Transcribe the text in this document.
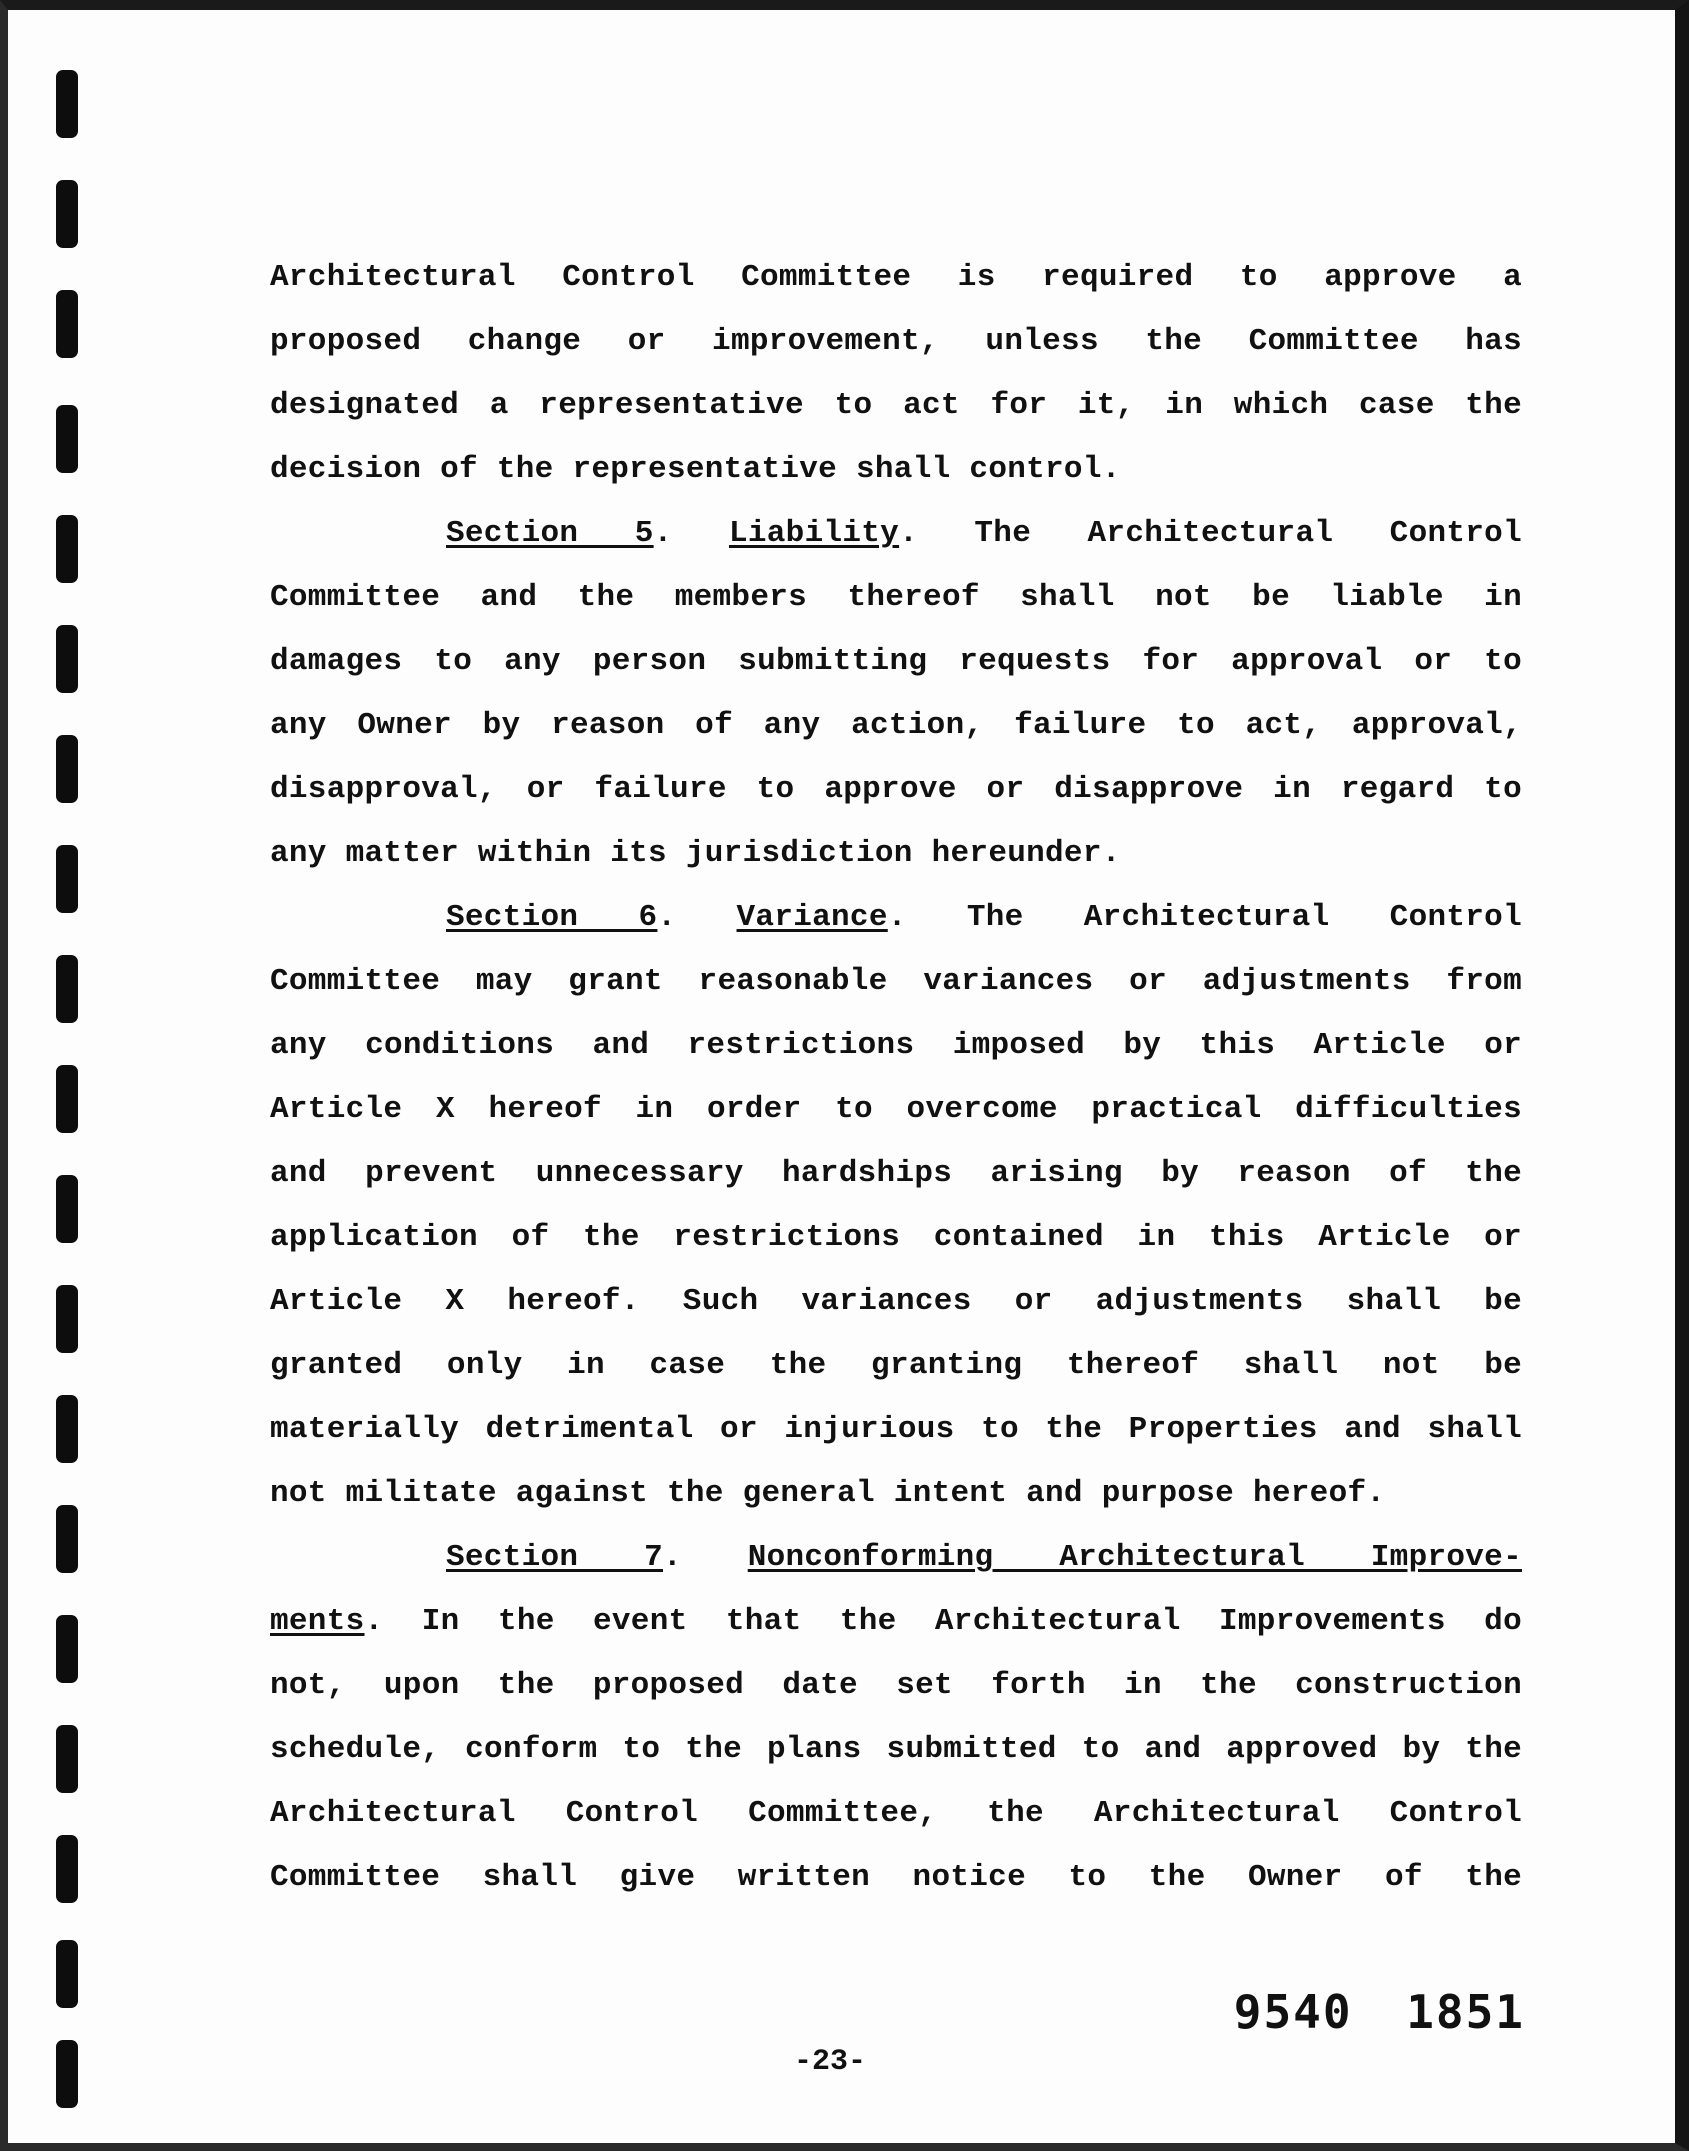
Architectural Control Committee is required to approve a
proposed change or improvement, unless the Committee has
designated a representative to act for it, in which case the
decision of the representative shall control.
Section 5. Liability. The Architectural Control
Committee and the members thereof shall not be liable in
damages to any person submitting requests for approval or to
any Owner by reason of any action, failure to act, approval,
disapproval, or failure to approve or disapprove in regard to
any matter within its jurisdiction hereunder.
Section 6. Variance. The Architectural Control
Committee may grant reasonable variances or adjustments from
any conditions and restrictions imposed by this Article or
Article X hereof in order to overcome practical difficulties
and prevent unnecessary hardships arising by reason of the
application of the restrictions contained in this Article or
Article X hereof. Such variances or adjustments shall be
granted only in case the granting thereof shall not be
materially detrimental or injurious to the Properties and shall
not militate against the general intent and purpose hereof.
Section 7. Nonconforming Architectural Improve-
ments. In the event that the Architectural Improvements do
not, upon the proposed date set forth in the construction
schedule, conform to the plans submitted to and approved by the
Architectural Control Committee, the Architectural Control
Committee shall give written notice to the Owner of the
9540 1851
-23-
